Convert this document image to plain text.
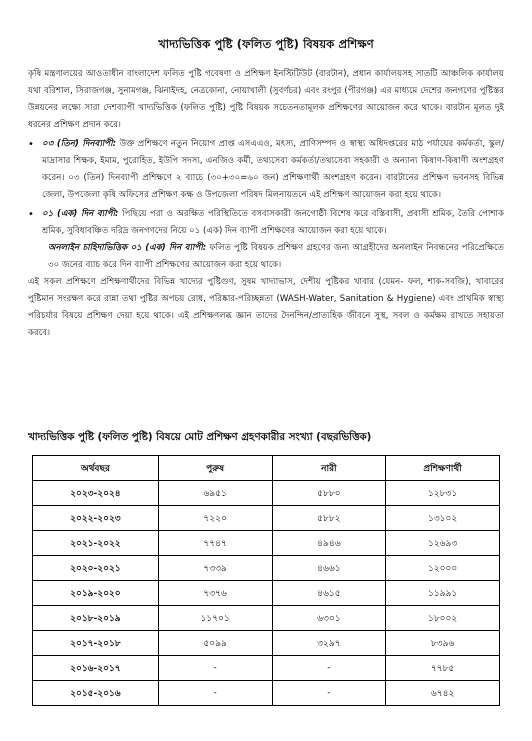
খাদ্যভিত্তিক পুষ্টি (ফলিত পুষ্টি) বিষয়ক প্রশিক্ষণ

কৃষি মন্ত্রণালয়ের আওতাধীন বাংলাদেশ ফলিত পুষ্টি গবেষণা ও প্রশিক্ষণ ইনস্টিটিউট (বারটান), প্রধান কার্যালয়সহ সাতটি আঞ্চলিক কার্যালয় যথা বরিশাল, সিরাজগঞ্জ, সুনামগঞ্জ, ঝিনাইদহ, নেত্রকোনা, নোয়াখালী (সুবর্ণচর) এবং রংপুর (পীরগঞ্জ) এর মাধ্যমে দেশের জনগণের পুষ্টিস্তর উন্নয়নের লক্ষ্যে সারা দেশব্যাপী খাদ্যভিত্তিক (ফলিত পুষ্টি) পুষ্টি বিষয়ক সচেতনতামূলক প্রশিক্ষণের আয়োজন করে থাকে। বারটান মূলত দুই ধরনের প্রশিক্ষণ প্রদান করে।

• ০৩ (তিন) দিনব্যাপী: উক্ত প্রশিক্ষণে নতুন নিয়োগ প্রাপ্ত এসএএও, মৎস্য, প্রাণিসম্পদ ও স্বাস্থ্য অধিদপ্তরের মাঠ পর্যায়ের কর্মকর্তা, স্কুল/মাদ্রাসার শিক্ষক, ইমাম, পুরোহিত, ইউপি সদস্য, এনজিও কর্মী, তথ্যসেবা কর্মকর্তা/তথ্যসেবা সহকারী ও অন্যান্য কিষাণ-কিষাণী অংশগ্রহণ করেন। ০৩ (তিন) দিনব্যাপী প্রশিক্ষণে ২ ব্যাচে (৩০+৩০=৬০ জন) প্রশিক্ষণার্থী অংশগ্রহণ করেন। বারটানের প্রশিক্ষণ ভবনসহ বিভিন্ন জেলা, উপজেলা কৃষি অফিসের প্রশিক্ষণ কক্ষ ও উপজেলা পরিষদ মিলনায়তনে এই প্রশিক্ষণ আয়োজন করা হয়ে থাকে।
• ০১ (এক) দিন ব্যাপী: পিছিয়ে পরা ও অরক্ষিত পরিস্থিতিতে বসবাসকারী জনগোষ্ঠী বিশেষ করে বস্তিবাসী, প্রবাসী শ্রমিক, তৈরি পোশাক শ্রমিক, সুবিধাবঞ্চিত দরিদ্র জনগণদের নিয়ে ০১ (এক) দিন ব্যাপী প্রশিক্ষণের আয়োজন করা হয়ে থাকে।

অনলাইন চাহিদাভিত্তিক ০১ (এক) দিন ব্যাপী: ফলিত পুষ্টি বিষয়ক প্রশিক্ষণ গ্রহণের জন্য আগ্রহীদের অনলাইন নিবন্ধনের পরিপ্রেক্ষিতে ৩০ জনের ব্যাচ করে দিন ব্যাপী প্রশিক্ষণের আয়োজন করা হয়ে থাকে।

এই সকল প্রশিক্ষণে প্রশিক্ষণার্থীদের বিভিন্ন খাদ্যের পুষ্টিগুণ, সুষম খাদ্যাভাস, দেশীয় পুষ্টিকর খাবার (যেমন- ফল, শাক-সবজি), খাবারের পুষ্টিমান সংরক্ষণ করে রান্না তথা পুষ্টির অপচয় রোধ, পরিষ্কার-পরিচ্ছন্নতা (WASH-Water, Sanitation & Hygiene) এবং প্রাথমিক স্বাস্থ্য পরিচর্যার বিষয়ে প্রশিক্ষণ দেয়া হয়ে থাকে। এই প্রশিক্ষণলব্ধ জ্ঞান তাদের দৈনন্দিন/প্রাত্যহিক জীবনে সুস্থ, সবল ও কর্মক্ষম রাখতে সহায়তা করবে।

খাদ্যভিত্তিক পুষ্টি (ফলিত পুষ্টি) বিষয়ে মোট প্রশিক্ষণ গ্রহণকারীর সংখ্যা (বছরভিত্তিক)
অর্থবছর	পুরুষ	নারী	প্রশিক্ষণার্থী
২০২৩-২০২৪	৬৯৫১	৫৮৮০	১২৮৩১
২০২২-২০২৩	৭২২০	৫৮৮২	১৩১০২
২০২১-২০২২	৭৭৪৭	৪৯৪৬	১২৬৯৩
২০২০-২০২১	৭৩৩৯	৪৬৬১	১২০০০
২০১৯-২০২০	৭৩৭৬	৪৬১৫	১১৯৯১
২০১৮-২০১৯	১১৭০১	৬৩০১	১৮০০২
২০১৭-২০১৮	৫০৯৯	৩২৯৭	৮৩৯৬
২০১৬-২০১৭	-	-	৭৭৮৫
২০১৫-২০১৬	-	-	৬৭৪২
